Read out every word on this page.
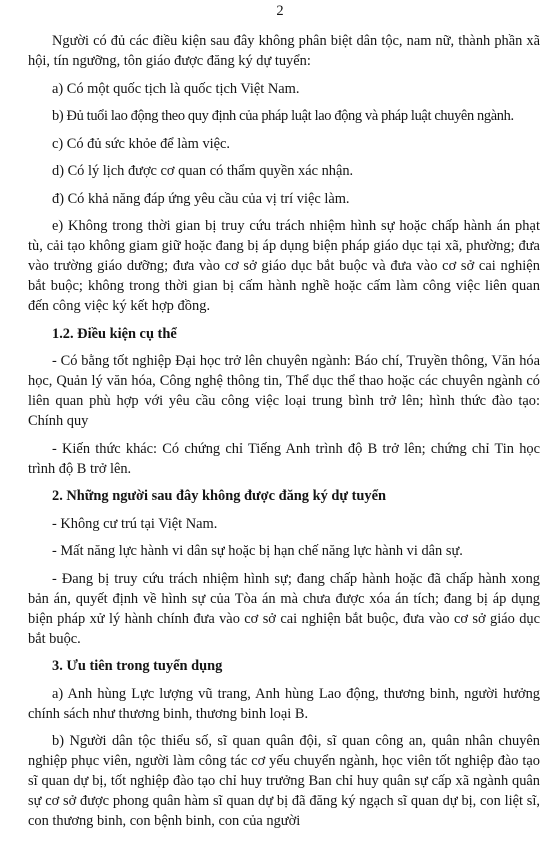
2

Người có đủ các điều kiện sau đây không phân biệt dân tộc, nam nữ, thành phần xã hội, tín ngưỡng, tôn giáo được đăng ký dự tuyển:

a) Có một quốc tịch là quốc tịch Việt Nam.

b) Đủ tuổi lao động theo quy định của pháp luật lao động và pháp luật chuyên ngành.

c) Có đủ sức khỏe để làm việc.

d) Có lý lịch được cơ quan có thẩm quyền xác nhận.

đ) Có khả năng đáp ứng yêu cầu của vị trí việc làm.

e) Không trong thời gian bị truy cứu trách nhiệm hình sự hoặc chấp hành án phạt tù, cải tạo không giam giữ hoặc đang bị áp dụng biện pháp giáo dục tại xã, phường; đưa vào trường giáo dưỡng; đưa vào cơ sở giáo dục bắt buộc và đưa vào cơ sở cai nghiện bắt buộc; không trong thời gian bị cấm hành nghề hoặc cấm làm công việc liên quan đến công việc ký kết hợp đồng.

1.2. Điều kiện cụ thể

- Có bằng tốt nghiệp Đại học trở lên chuyên ngành: Báo chí, Truyền thông, Văn hóa học, Quản lý văn hóa, Công nghệ thông tin, Thể dục thể thao hoặc các chuyên ngành có liên quan phù hợp với yêu cầu công việc loại trung bình trở lên; hình thức đào tạo: Chính quy

- Kiến thức khác: Có chứng chỉ Tiếng Anh trình độ B trở lên; chứng chỉ Tin học trình độ B trở lên.

2. Những người sau đây không được đăng ký dự tuyển

- Không cư trú tại Việt Nam.

- Mất năng lực hành vi dân sự hoặc bị hạn chế năng lực hành vi dân sự.

- Đang bị truy cứu trách nhiệm hình sự; đang chấp hành hoặc đã chấp hành xong bản án, quyết định về hình sự của Tòa án mà chưa được xóa án tích; đang bị áp dụng biện pháp xử lý hành chính đưa vào cơ sở cai nghiện bắt buộc, đưa vào cơ sở giáo dục bắt buộc.

3. Ưu tiên trong tuyển dụng

a) Anh hùng Lực lượng vũ trang, Anh hùng Lao động, thương binh, người hưởng chính sách như thương binh, thương binh loại B.

b) Người dân tộc thiểu số, sĩ quan quân đội, sĩ quan công an, quân nhân chuyên nghiệp phục viên, người làm công tác cơ yếu chuyển ngành, học viên tốt nghiệp đào tạo sĩ quan dự bị, tốt nghiệp đào tạo chỉ huy trưởng Ban chỉ huy quân sự cấp xã ngành quân sự cơ sở được phong quân hàm sĩ quan dự bị đã đăng ký ngạch sĩ quan dự bị, con liệt sĩ, con thương binh, con bệnh binh, con của người
